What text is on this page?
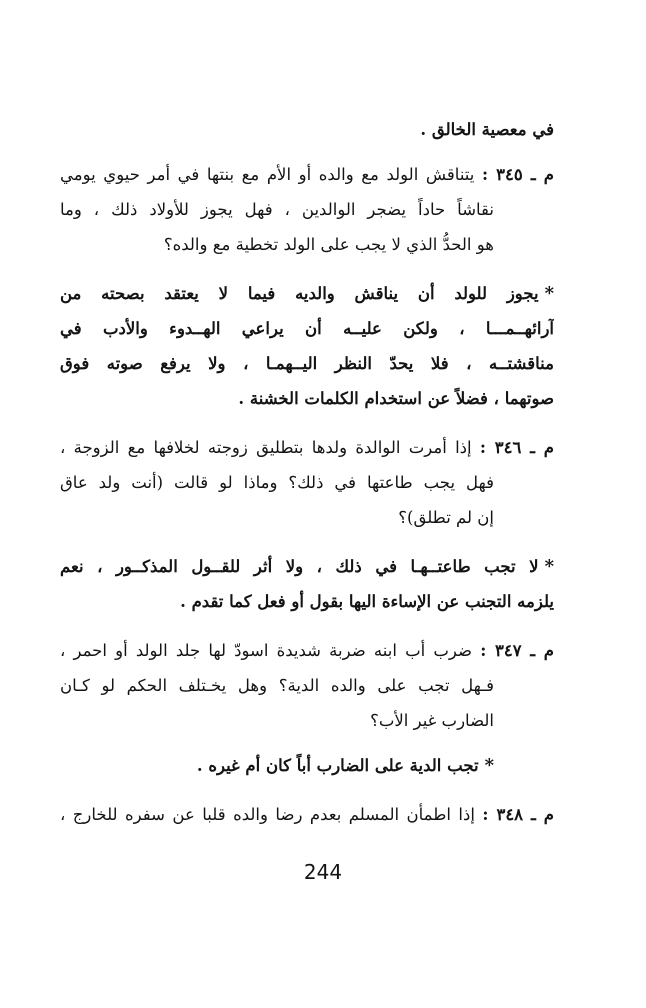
في معصية الخالق .
م ـ ٣٤٥ : يتناقش الولد مع والده أو الأم مع بنتها في أمر حيوي يومي
نقاشاً حاداً يضجر الوالدين ، فهل يجوز للأولاد ذلك ، وما
هو الحدُّ الذي لا يجب على الولد تخطية مع والده؟
*يجوز للولد أن يناقش والديه فيما لا يعتقد بصحته من
آرائهــمـــا ، ولكن عليــه أن يراعي الهــدوء والأدب في
مناقشتــه ، فلا يحدّ النظر اليــهمـا ، ولا يرفع صوته فوق
صوتهما ، فضلاً عن استخدام الكلمات الخشنة .
م ـ ٣٤٦ : إذا أمرت الوالدة ولدها بتطليق زوجته لخلافها مع الزوجة ،
فهل يجب طاعتها في ذلك؟ وماذا لو قالت (أنت ولد عاق
إن لم تطلق)؟
*لا تجب طاعتــهـا في ذلك ، ولا أثر للقــول المذكــور ، نعم
يلزمه التجنب عن الإساءة اليها بقول أو فعل كما تقدم .
م ـ ٣٤٧ : ضرب أب ابنه ضربة شديدة اسودّ لها جلد الولد أو احمر ،
فـهل تجب على والده الدية؟ وهل يخـتلف الحكم لو كـان
الضارب غير الأب؟
*تجب الدية على الضارب أباً كان أم غيره .
م ـ ٣٤٨ : إذا اطمأن المسلم بعدم رضا والده قلبا عن سفره للخارج ،
244
